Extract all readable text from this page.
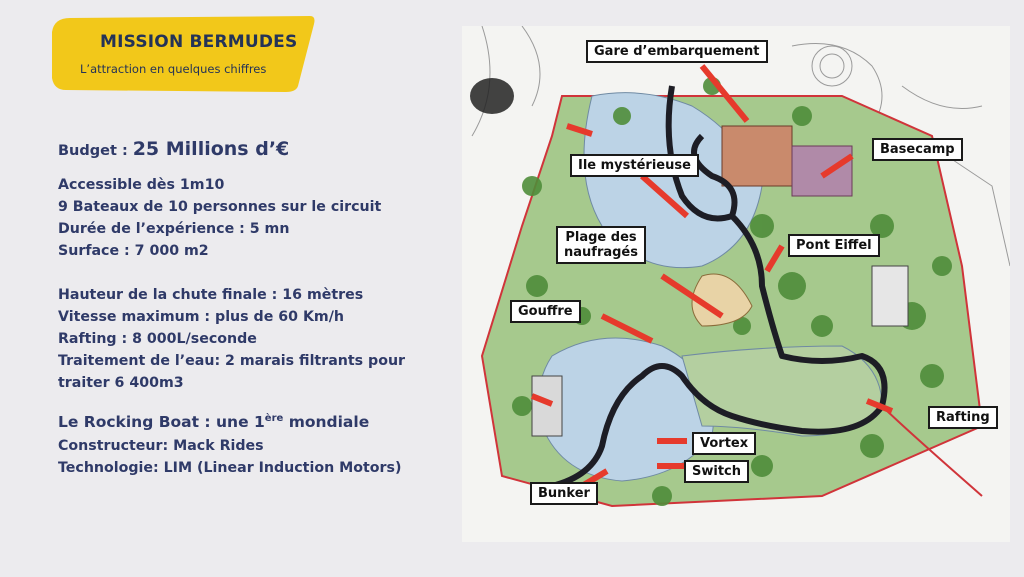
MISSION BERMUDES
L’attraction en quelques chiffres
Budget : 25 Millions d’€
Accessible dès 1m10
9 Bateaux de 10 personnes sur le circuit
Durée de l’expérience : 5 mn
Surface : 7 000 m2
Hauteur de la chute finale : 16 mètres
Vitesse maximum : plus de 60 Km/h
Rafting : 8 000L/seconde
Traitement de l’eau: 2 marais filtrants pour
traiter 6 400m3
Le Rocking Boat : une 1ère mondiale
Constructeur: Mack Rides
Technologie: LIM (Linear Induction Motors)
Gare d’embarquement
Basecamp
Ile mystérieuse
Plage des
naufragés	Pont Eiffel
Gouffre
Rafting
Vortex
Switch
Bunker
